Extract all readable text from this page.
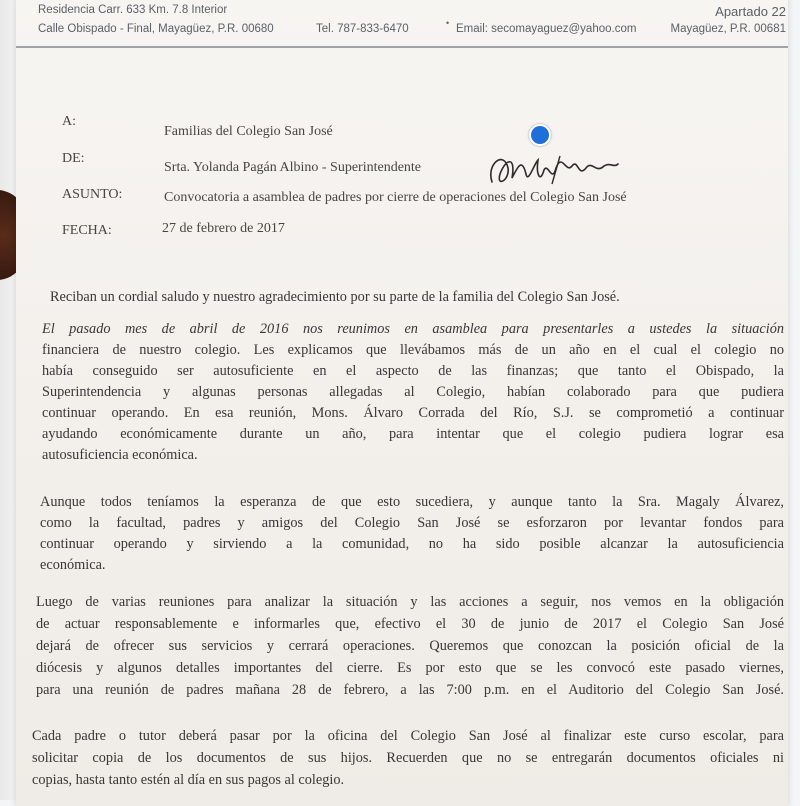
Residencia Carr. 633 Km. 7.8 Interior
Calle Obispado - Final, Mayagüez, P.R. 00680	Tel. 787-833-6470	• Email: secomayaguez@yahoo.com
Apartado 22
Mayagüez, P.R. 00681
A:
Familias del Colegio San José
DE:
Srta. Yolanda Pagán Albino - Superintendente
ASUNTO:	Convocatoria a asamblea de padres por cierre de operaciones del Colegio San José
FECHA:	27 de febrero de 2017
Reciban un cordial saludo y nuestro agradecimiento por su parte de la familia del Colegio San José.
El pasado mes de abril de 2016 nos reunimos en asamblea para presentarles a ustedes la situación
financiera de nuestro colegio. Les explicamos que llevábamos más de un año en el cual el colegio no
había conseguido ser autosuficiente en el aspecto de las finanzas; que tanto el Obispado, la
Superintendencia y algunas personas allegadas al Colegio, habían colaborado para que pudiera
continuar operando. En esa reunión, Mons. Álvaro Corrada del Río, S.J. se comprometió a continuar
ayudando económicamente durante un año, para intentar que el colegio pudiera lograr esa
autosuficiencia económica.
Aunque todos teníamos la esperanza de que esto sucediera, y aunque tanto la Sra. Magaly Álvarez,
como la facultad, padres y amigos del Colegio San José se esforzaron por levantar fondos para
continuar operando y sirviendo a la comunidad, no ha sido posible alcanzar la autosuficiencia
económica.
Luego de varias reuniones para analizar la situación y las acciones a seguir, nos vemos en la obligación
de actuar responsablemente e informarles que, efectivo el 30 de junio de 2017 el Colegio San José
dejará de ofrecer sus servicios y cerrará operaciones. Queremos que conozcan la posición oficial de la
diócesis y algunos detalles importantes del cierre. Es por esto que se les convocó este pasado viernes,
para una reunión de padres mañana 28 de febrero, a las 7:00 p.m. en el Auditorio del Colegio San José.
Cada padre o tutor deberá pasar por la oficina del Colegio San José al finalizar este curso escolar, para
solicitar copia de los documentos de sus hijos. Recuerden que no se entregarán documentos oficiales ni
copias, hasta tanto estén al día en sus pagos al colegio.
